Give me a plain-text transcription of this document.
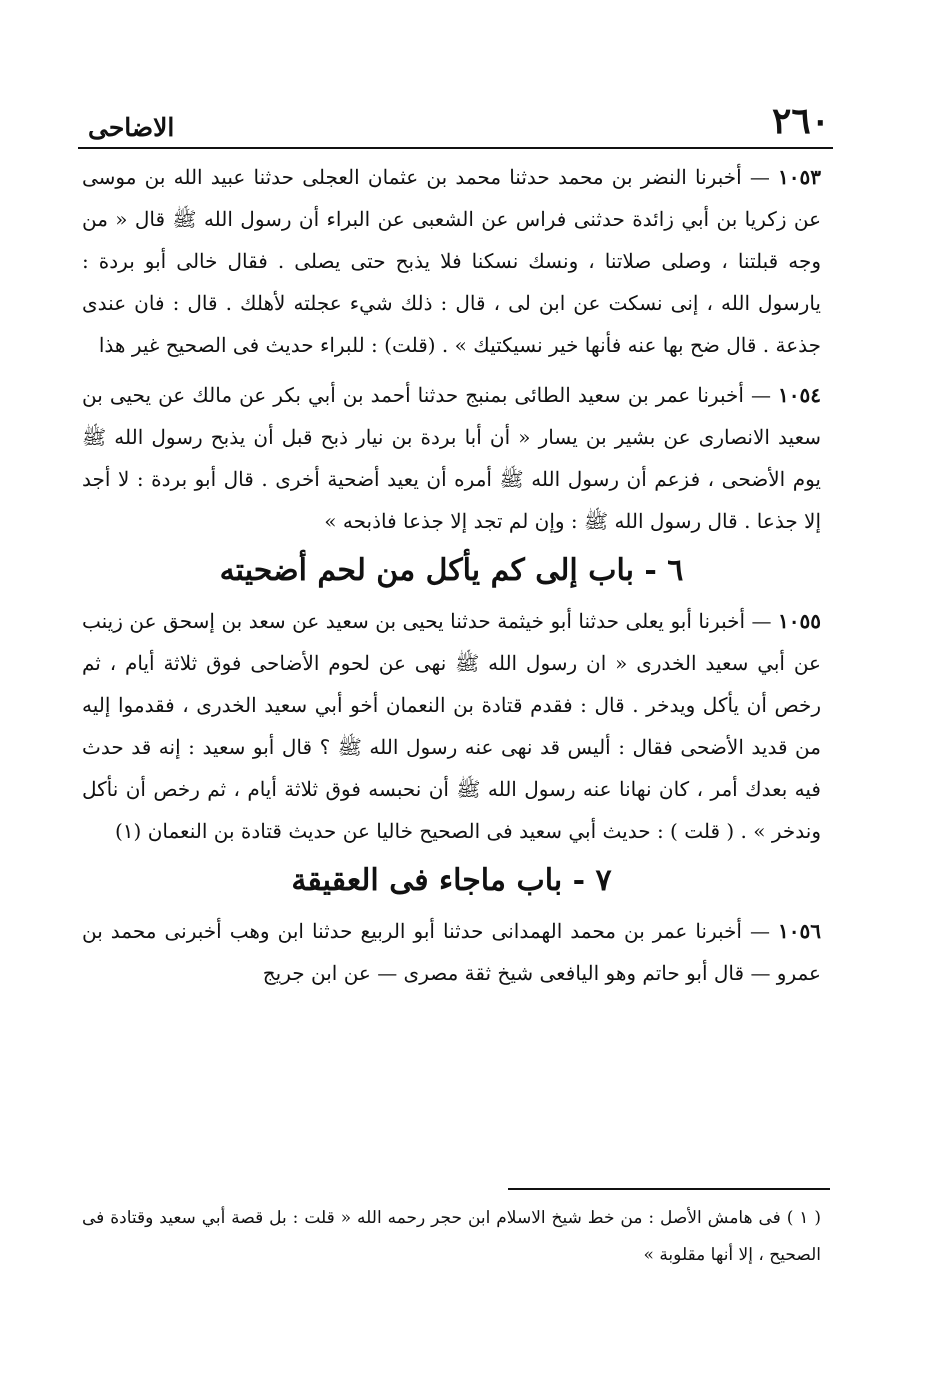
الاضاحى	٢٦٠

١٠٥٣ — أخبرنا النضر بن محمد حدثنا محمد بن عثمان العجلى حدثنا عبيد الله بن موسى عن زكريا بن أبي زائدة حدثنى فراس عن الشعبى عن البراء أن رسول الله ﷺ قال « من وجه قبلتنا ، وصلى صلاتنا ، ونسك نسكنا فلا يذبح حتى يصلى . فقال خالى أبو بردة : يارسول الله ، إنى نسكت عن ابن لى ، قال : ذلك شيء عجلته لأهلك . قال : فان عندى جذعة . قال ضح بها عنه فأنها خير نسيكتيك » . (قلت) : للبراء حديث فى الصحيح غير هذا

١٠٥٤ — أخبرنا عمر بن سعيد الطائى بمنبج حدثنا أحمد بن أبي بكر عن مالك عن يحيى بن سعيد الانصارى عن بشير بن يسار « أن أبا بردة بن نيار ذبح قبل أن يذبح رسول الله ﷺ يوم الأضحى ، فزعم أن رسول الله ﷺ أمره أن يعيد أضحية أخرى . قال أبو بردة : لا أجد إلا جذعا . قال رسول الله ﷺ : وإن لم تجد إلا جذعا فاذبحه »

٦ - باب إلى كم يأكل من لحم أضحيته

١٠٥٥ — أخبرنا أبو يعلى حدثنا أبو خيثمة حدثنا يحيى بن سعيد عن سعد بن إسحق عن زينب عن أبي سعيد الخدرى « ان رسول الله ﷺ نهى عن لحوم الأضاحى فوق ثلاثة أيام ، ثم رخص أن يأكل ويدخر . قال : فقدم قتادة بن النعمان أخو أبي سعيد الخدرى ، فقدموا إليه من قديد الأضحى فقال : أليس قد نهى عنه رسول الله ﷺ ؟ قال أبو سعيد : إنه قد حدث فيه بعدك أمر ، كان نهانا عنه رسول الله ﷺ أن نحبسه فوق ثلاثة أيام ، ثم رخص أن نأكل وندخر » . ( قلت ) : حديث أبي سعيد فى الصحيح خاليا عن حديث قتادة بن النعمان (١)

٧ - باب ماجاء فى العقيقة

١٠٥٦ — أخبرنا عمر بن محمد الهمدانى حدثنا أبو الربيع حدثنا ابن وهب أخبرنى محمد بن عمرو — قال أبو حاتم وهو اليافعى شيخ ثقة مصرى — عن ابن جريج

( ١ ) فى هامش الأصل : من خط شيخ الاسلام ابن حجر رحمه الله « قلت : بل قصة أبي سعيد وقتادة فى الصحيح ، إلا أنها مقلوبة »
